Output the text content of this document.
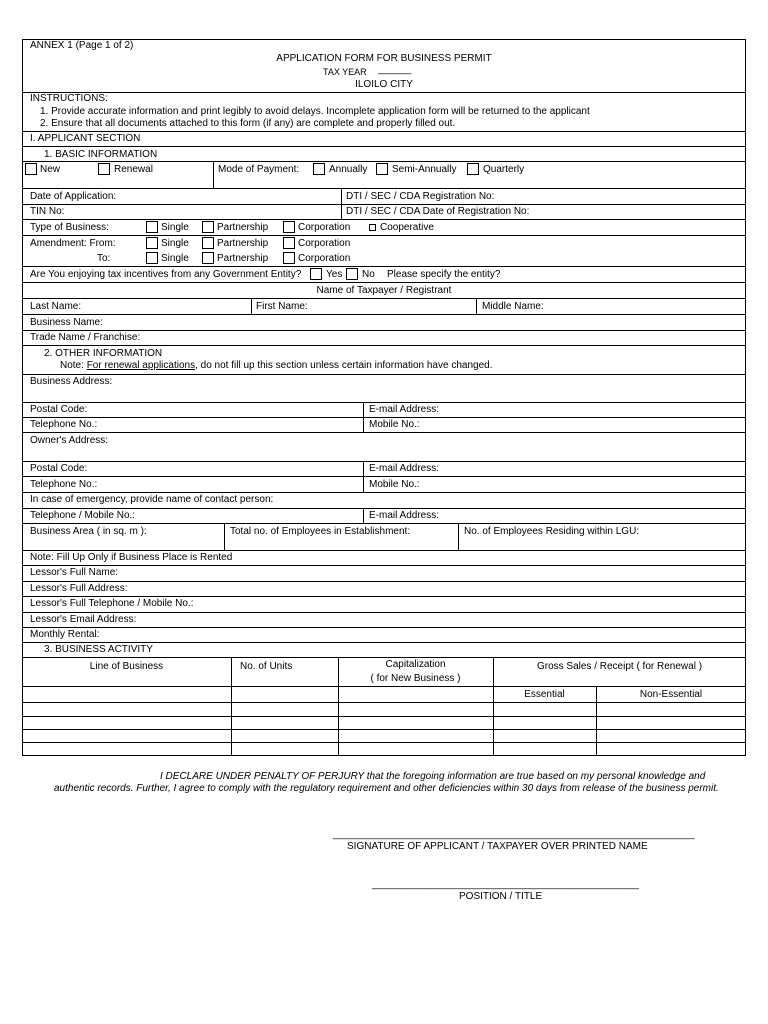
ANNEX 1 (Page 1 of 2)
APPLICATION FORM FOR BUSINESS PERMIT
TAX YEAR ______
ILOILO CITY
INSTRUCTIONS:
1. Provide accurate information and print legibly to avoid delays. Incomplete application form will be returned to the applicant
2. Ensure that all documents attached to this form (if any) are complete and properly filled out.
I. APPLICANT SECTION
1. BASIC INFORMATION
New	Renewal	Mode of Payment:	Annually Semi-Annually	Quarterly
Date of Application:	DTI / SEC / CDA Registration No:
TIN No:	DTI / SEC / CDA Date of Registration No:
Type of Business:	Single	Partnership	Corporation	Cooperative
Amendment: From:	Single	Partnership	Corporation
To:	Single	Partnership	Corporation
Are You enjoying tax incentives from any Government Entity? Yes No Please specify the entity?
Name of Taxpayer / Registrant
Last Name:	First Name:	Middle Name:
Business Name:
Trade Name / Franchise:
2. OTHER INFORMATION
Note: For renewal applications, do not fill up this section unless certain information have changed.
Business Address:
Postal Code:	E-mail Address:
Telephone No.:	Mobile No.:
Owner's Address:
Postal Code:	E-mail Address:
Telephone No.:	Mobile No.:
In case of emergency, provide name of contact person:
Telephone / Mobile No.:	E-mail Address:
Business Area ( in sq. m ):	Total no. of Employees in Establishment:	No. of Employees Residing within LGU:
Note: Fill Up Only if Business Place is Rented
Lessor's Full Name:
Lessor's Full Address:
Lessor's Full Telephone / Mobile No.:
Lessor's Email Address:
Monthly Rental:
3. BUSINESS ACTIVITY
Line of Business	No. of Units	Capitalization
( for New Business )
Gross Sales / Receipt ( for Renewal )
Essential	Non-Essential
I DECLARE UNDER PENALTY OF PERJURY that the foregoing information are true based on my personal knowledge and
authentic records. Further, I agree to comply with the regulatory requirement and other deficiencies within 30 days from release of the business permit.
_________________________________________________________________
SIGNATURE OF APPLICANT / TAXPAYER OVER PRINTED NAME
________________________________________________
POSITION / TITLE
